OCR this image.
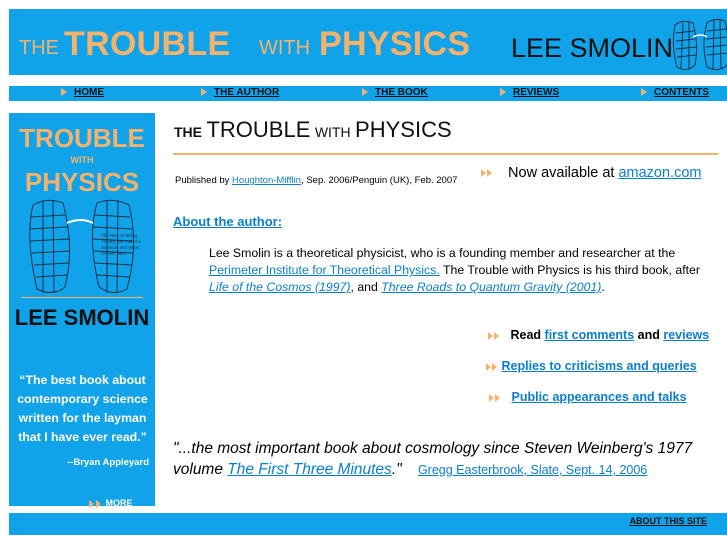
THE TROUBLE WITH PHYSICS LEE SMOLIN
HOME	THE AUTHOR	THE BOOK	REVIEWS	CONTENTS
TROUBLE
WITH
PHYSICS
The Rise of String Theory, the Fall of a Science, and What Comes Next
LEE SMOLIN
“The best book about contemporary science written for the layman that I have ever read.”
--Bryan Appleyard
MORE
THE TROUBLE WITH PHYSICS
Published by Houghton-Mifflin, Sep. 2006/Penguin (UK), Feb. 2007	Now available at amazon.com
About the author:
Lee Smolin is a theoretical physicist, who is a founding member and researcher at the Perimeter Institute for Theoretical Physics. The Trouble with Physics is his third book, after Life of the Cosmos (1997), and Three Roads to Quantum Gravity (2001).
Read first comments and reviews
Replies to criticisms and queries
Public appearances and talks
"...the most important book about cosmology since Steven Weinberg's 1977 volume The First Three Minutes." Gregg Easterbrook, Slate, Sept. 14, 2006
ABOUT THIS SITE
